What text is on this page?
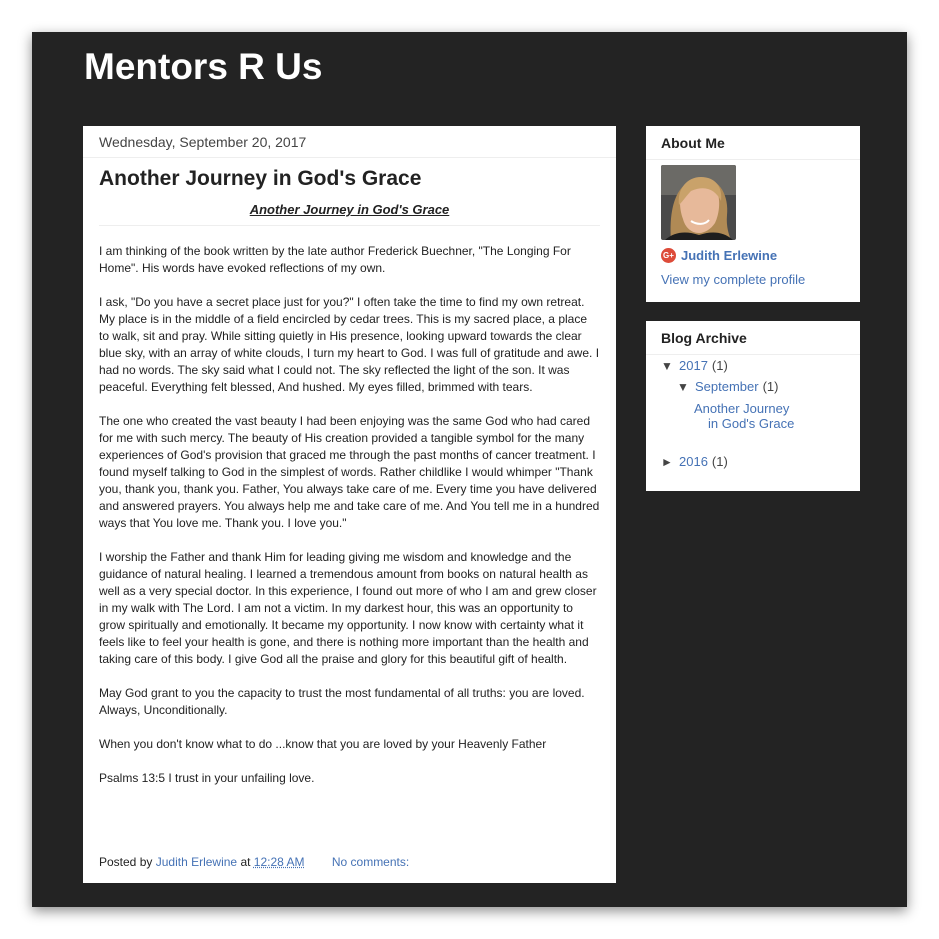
Mentors R Us
Wednesday, September 20, 2017
Another Journey in God's Grace
Another Journey in God's Grace

I am thinking of the book written by the late author Frederick Buechner, "The Longing For Home". His words have evoked reflections of my own.

I ask, "Do you have a secret place just for you?" I often take the time to find my own retreat. My place is in the middle of a field encircled by cedar trees. This is my sacred place, a place to walk, sit and pray. While sitting quietly in His presence, looking upward towards the clear blue sky, with an array of white clouds, I turn my heart to God. I was full of gratitude and awe. I had no words. The sky said what I could not. The sky reflected the light of the son. It was peaceful. Everything felt blessed, And hushed. My eyes filled, brimmed with tears.

The one who created the vast beauty I had been enjoying was the same God who had cared for me with such mercy. The beauty of His creation provided a tangible symbol for the many experiences of God's provision that graced me through the past months of cancer treatment. I found myself talking to God in the simplest of words. Rather childlike I would whimper "Thank you, thank you, thank you. Father, You always take care of me. Every time you have delivered and answered prayers. You always help me and take care of me. And You tell me in a hundred ways that You love me. Thank you. I love you."

I worship the Father and thank Him for leading giving me wisdom and knowledge and the guidance of natural healing. I learned a tremendous amount from books on natural health as well as a very special doctor. In this experience, I found out more of who I am and grew closer in my walk with The Lord. I am not a victim. In my darkest hour, this was an opportunity to grow spiritually and emotionally. It became my opportunity. I now know with certainty what it feels like to feel your health is gone, and there is nothing more important than the health and taking care of this body. I give God all the praise and glory for this beautiful gift of health.

May God grant to you the capacity to trust the most fundamental of all truths: you are loved. Always, Unconditionally.

When you don't know what to do ...know that you are loved by your Heavenly Father

Psalms 13:5 I trust in your unfailing love.

Posted by Judith Erlewine at 12:28 AM No comments:
About Me
G+ Judith Erlewine
View my complete profile
Blog Archive
▼ 2017 (1)
▼ September (1)
Another Journey
in God's Grace
► 2016 (1)
